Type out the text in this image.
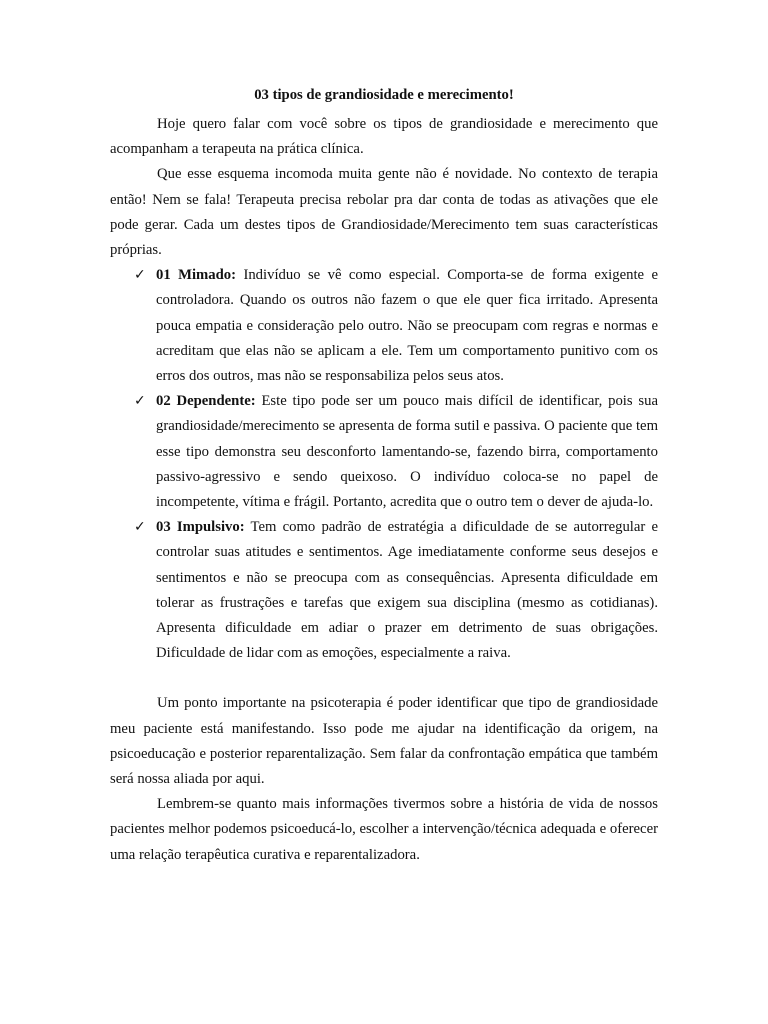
03 tipos de grandiosidade e merecimento!

Hoje quero falar com você sobre os tipos de grandiosidade e merecimento que acompanham a terapeuta na prática clínica.

Que esse esquema incomoda muita gente não é novidade. No contexto de terapia então! Nem se fala! Terapeuta precisa rebolar pra dar conta de todas as ativações que ele pode gerar. Cada um destes tipos de Grandiosidade/Merecimento tem suas características próprias.

✓ 01 Mimado: Indivíduo se vê como especial. Comporta-se de forma exigente e controladora. Quando os outros não fazem o que ele quer fica irritado. Apresenta pouca empatia e consideração pelo outro. Não se preocupam com regras e normas e acreditam que elas não se aplicam a ele. Tem um comportamento punitivo com os erros dos outros, mas não se responsabiliza pelos seus atos.
✓ 02 Dependente: Este tipo pode ser um pouco mais difícil de identificar, pois sua grandiosidade/merecimento se apresenta de forma sutil e passiva. O paciente que tem esse tipo demonstra seu desconforto lamentando-se, fazendo birra, comportamento passivo-agressivo e sendo queixoso. O indivíduo coloca-se no papel de incompetente, vítima e frágil. Portanto, acredita que o outro tem o dever de ajuda-lo.
✓ 03 Impulsivo: Tem como padrão de estratégia a dificuldade de se autorregular e controlar suas atitudes e sentimentos. Age imediatamente conforme seus desejos e sentimentos e não se preocupa com as consequências. Apresenta dificuldade em tolerar as frustrações e tarefas que exigem sua disciplina (mesmo as cotidianas). Apresenta dificuldade em adiar o prazer em detrimento de suas obrigações. Dificuldade de lidar com as emoções, especialmente a raiva.

Um ponto importante na psicoterapia é poder identificar que tipo de grandiosidade meu paciente está manifestando. Isso pode me ajudar na identificação da origem, na psicoeducação e posterior reparentalização. Sem falar da confrontação empática que também será nossa aliada por aqui.

Lembrem-se quanto mais informações tivermos sobre a história de vida de nossos pacientes melhor podemos psicoeducá-lo, escolher a intervenção/técnica adequada e oferecer uma relação terapêutica curativa e reparentalizadora.
